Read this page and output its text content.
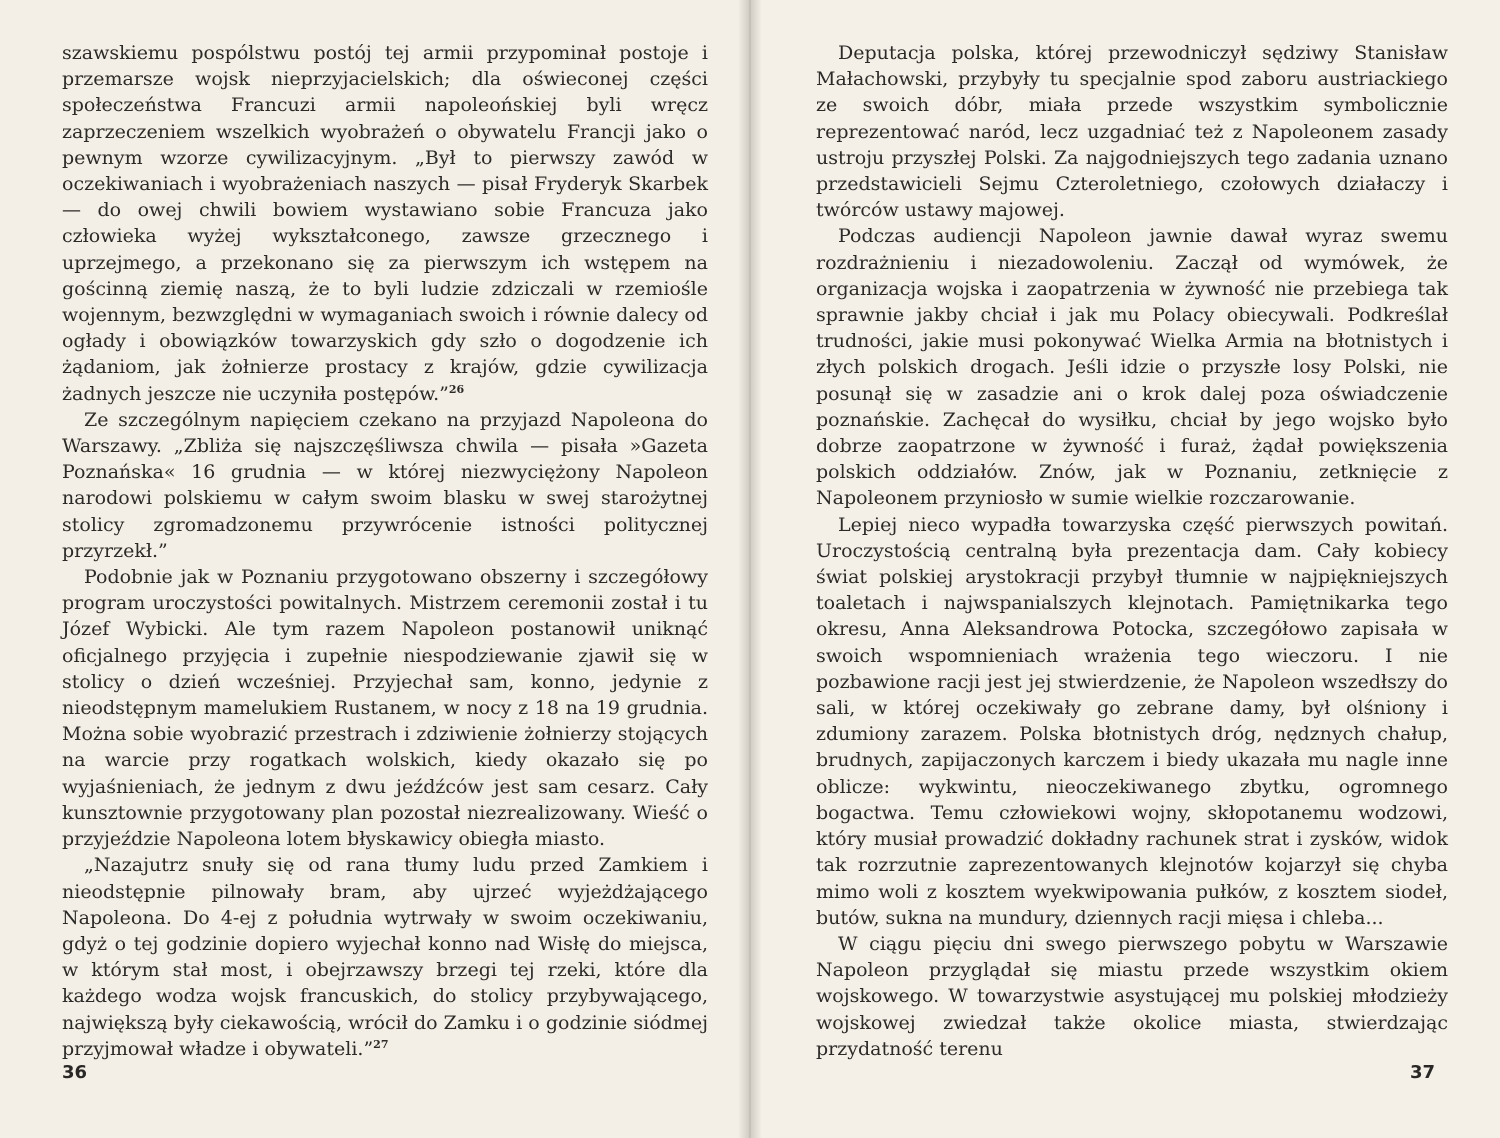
szawskiemu pospólstwu postój tej armii przypominał postoje i przemarsze wojsk nieprzyjacielskich; dla oświeconej części społeczeństwa Francuzi armii napoleońskiej byli wręcz zaprzeczeniem wszelkich wyobrażeń o obywatelu Francji jako o pewnym wzorze cywilizacyjnym. „Był to pierwszy zawód w oczekiwaniach i wyobrażeniach naszych — pisał Fryderyk Skarbek — do owej chwili bowiem wystawiano sobie Francuza jako człowieka wyżej wykształconego, zawsze grzecznego i uprzejmego, a przekonano się za pierwszym ich wstępem na gościnną ziemię naszą, że to byli ludzie zdziczali w rzemiośle wojennym, bezwzględni w wymaganiach swoich i równie dalecy od ogłady i obowiązków towarzyskich gdy szło o dogodzenie ich żądaniom, jak żołnierze prostacy z krajów, gdzie cywilizacja żadnych jeszcze nie uczyniła postępów.”$^{26}$

Ze szczególnym napięciem czekano na przyjazd Napoleona do Warszawy. „Zbliża się najszczęśliwsza chwila — pisała »Gazeta Poznańska« 16 grudnia — w której niezwyciężony Napoleon narodowi polskiemu w całym swoim blasku w swej starożytnej stolicy zgromadzonemu przywrócenie istności politycznej przyrzekł.”

Podobnie jak w Poznaniu przygotowano obszerny i szczegółowy program uroczystości powitalnych. Mistrzem ceremonii został i tu Józef Wybicki. Ale tym razem Napoleon postanowił uniknąć oficjalnego przyjęcia i zupełnie niespodziewanie zjawił się w stolicy o dzień wcześniej. Przyjechał sam, konno, jedynie z nieodstępnym mamelukiem Rustanem, w nocy z 18 na 19 grudnia. Można sobie wyobrazić przestrach i zdziwienie żołnierzy stojących na warcie przy rogatkach wolskich, kiedy okazało się po wyjaśnieniach, że jednym z dwu jeźdźców jest sam cesarz. Cały kunsztownie przygotowany plan pozostał niezrealizowany. Wieść o przyjeździe Napoleona lotem błyskawicy obiegła miasto.

„Nazajutrz snuły się od rana tłumy ludu przed Zamkiem i nieodstępnie pilnowały bram, aby ujrzeć wyjeżdżającego Napoleona. Do 4-ej z południa wytrwały w swoim oczekiwaniu, gdyż o tej godzinie dopiero wyjechał konno nad Wisłę do miejsca, w którym stał most, i obejrzawszy brzegi tej rzeki, które dla każdego wodza wojsk francuskich, do stolicy przybywającego, największą były ciekawością, wrócił do Zamku i o godzinie siódmej przyjmował władze i obywateli.”$^{27}$

36

Deputacja polska, której przewodniczył sędziwy Stanisław Małachowski, przybyły tu specjalnie spod zaboru austriackiego ze swoich dóbr, miała przede wszystkim symbolicznie reprezentować naród, lecz uzgadniać też z Napoleonem zasady ustroju przyszłej Polski. Za najgodniejszych tego zadania uznano przedstawicieli Sejmu Czteroletniego, czołowych działaczy i twórców ustawy majowej.

Podczas audiencji Napoleon jawnie dawał wyraz swemu rozdrażnieniu i niezadowoleniu. Zaczął od wymówek, że organizacja wojska i zaopatrzenia w żywność nie przebiega tak sprawnie jakby chciał i jak mu Polacy obiecywali. Podkreślał trudności, jakie musi pokonywać Wielka Armia na błotnistych i złych polskich drogach. Jeśli idzie o przyszłe losy Polski, nie posunął się w zasadzie ani o krok dalej poza oświadczenie poznańskie. Zachęcał do wysiłku, chciał by jego wojsko było dobrze zaopatrzone w żywność i furaż, żądał powiększenia polskich oddziałów. Znów, jak w Poznaniu, zetknięcie z Napoleonem przyniosło w sumie wielkie rozczarowanie.

Lepiej nieco wypadła towarzyska część pierwszych powitań. Uroczystością centralną była prezentacja dam. Cały kobiecy świat polskiej arystokracji przybył tłumnie w najpiękniejszych toaletach i najwspanialszych klejnotach. Pamiętnikarka tego okresu, Anna Aleksandrowa Potocka, szczegółowo zapisała w swoich wspomnieniach wrażenia tego wieczoru. I nie pozbawione racji jest jej stwierdzenie, że Napoleon wszedłszy do sali, w której oczekiwały go zebrane damy, był olśniony i zdumiony zarazem. Polska błotnistych dróg, nędznych chałup, brudnych, zapijaczonych karczem i biedy ukazała mu nagle inne oblicze: wykwintu, nieoczekiwanego zbytku, ogromnego bogactwa. Temu człowiekowi wojny, skłopotanemu wodzowi, który musiał prowadzić dokładny rachunek strat i zysków, widok tak rozrzutnie zaprezentowanych klejnotów kojarzył się chyba mimo woli z kosztem wyekwipowania pułków, z kosztem siodeł, butów, sukna na mundury, dziennych racji mięsa i chleba...

W ciągu pięciu dni swego pierwszego pobytu w Warszawie Napoleon przyglądał się miastu przede wszystkim okiem wojskowego. W towarzystwie asystującej mu polskiej młodzieży wojskowej zwiedzał także okolice miasta, stwierdzając przydatność terenu

37
